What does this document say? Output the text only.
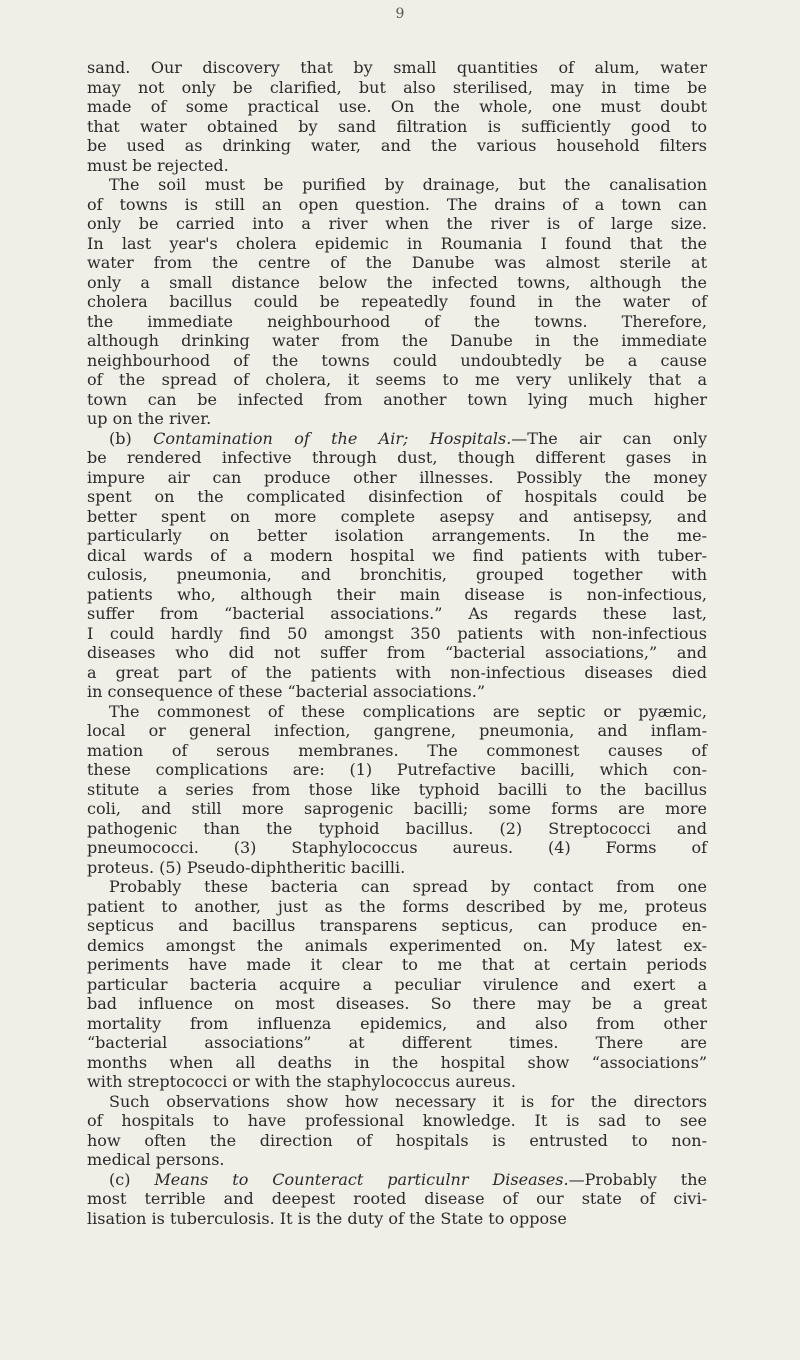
9
sand. Our discovery that by small quantities of alum, water
may not only be clarified, but also sterilised, may in time be
made of some practical use. On the whole, one must doubt
that water obtained by sand filtration is sufficiently good to
be used as drinking water, and the various household filters
must be rejected.
The soil must be purified by drainage, but the canalisation
of towns is still an open question. The drains of a town can
only be carried into a river when the river is of large size.
In last year's cholera epidemic in Roumania I found that the
water from the centre of the Danube was almost sterile at
only a small distance below the infected towns, although the
cholera bacillus could be repeatedly found in the water of
the immediate neighbourhood of the towns. Therefore,
although drinking water from the Danube in the immediate
neighbourhood of the towns could undoubtedly be a cause
of the spread of cholera, it seems to me very unlikely that a
town can be infected from another town lying much higher
up on the river.
(b) Contamination of the Air; Hospitals.—The air can only
be rendered infective through dust, though different gases in
impure air can produce other illnesses. Possibly the money
spent on the complicated disinfection of hospitals could be
better spent on more complete asepsy and antisepsy, and
particularly on better isolation arrangements. In the me-
dical wards of a modern hospital we find patients with tuber-
culosis, pneumonia, and bronchitis, grouped together with
patients who, although their main disease is non-infectious,
suffer from “bacterial associations.” As regards these last,
I could hardly find 50 amongst 350 patients with non-infectious
diseases who did not suffer from “bacterial associations,” and
a great part of the patients with non-infectious diseases died
in consequence of these “bacterial associations.”
The commonest of these complications are septic or pyæmic,
local or general infection, gangrene, pneumonia, and inflam-
mation of serous membranes. The commonest causes of
these complications are: (1) Putrefactive bacilli, which con-
stitute a series from those like typhoid bacilli to the bacillus
coli, and still more saprogenic bacilli; some forms are more
pathogenic than the typhoid bacillus. (2) Streptococci and
pneumococci. (3) Staphylococcus aureus. (4) Forms of
proteus. (5) Pseudo-diphtheritic bacilli.
Probably these bacteria can spread by contact from one
patient to another, just as the forms described by me, proteus
septicus and bacillus transparens septicus, can produce en-
demics amongst the animals experimented on. My latest ex-
periments have made it clear to me that at certain periods
particular bacteria acquire a peculiar virulence and exert a
bad influence on most diseases. So there may be a great
mortality from influenza epidemics, and also from other
“bacterial associations” at different times. There are
months when all deaths in the hospital show “associations”
with streptococci or with the staphylococcus aureus.
Such observations show how necessary it is for the directors
of hospitals to have professional knowledge. It is sad to see
how often the direction of hospitals is entrusted to non-
medical persons.
(c) Means to Counteract particulnr Diseases.—Probably the
most terrible and deepest rooted disease of our state of civi-
lisation is tuberculosis. It is the duty of the State to oppose
